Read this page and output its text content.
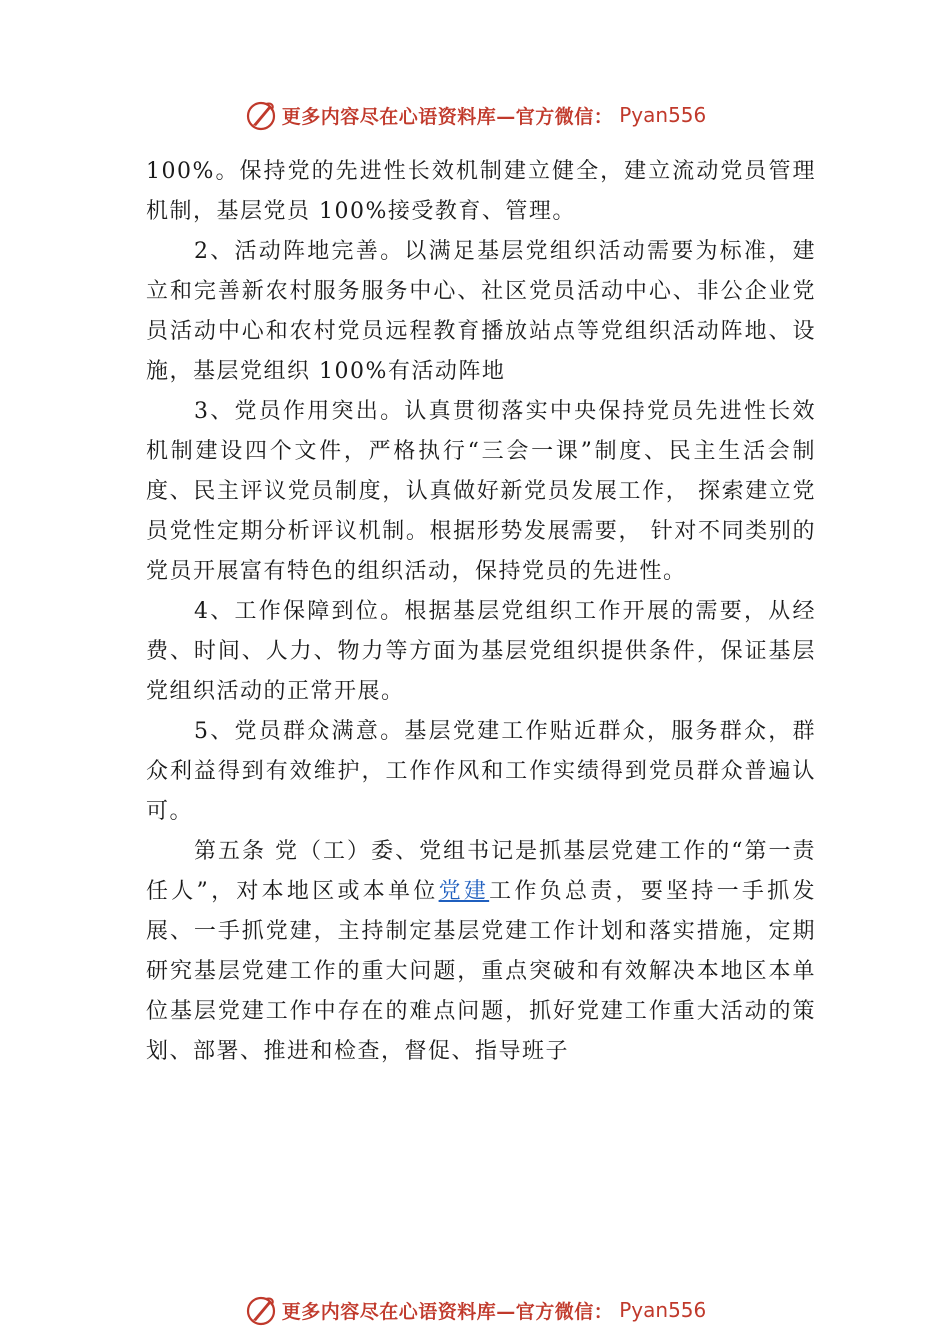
更多内容尽在心语资料库—官方微信： Pyan556

100%。保持党的先进性长效机制建立健全，建立流动党员管理机制，基层党员 100%接受教育、管理。

2、活动阵地完善。以满足基层党组织活动需要为标准，建立和完善新农村服务服务中心、社区党员活动中心、非公企业党员活动中心和农村党员远程教育播放站点等党组织活动阵地、设施，基层党组织 100%有活动阵地

3、党员作用突出。认真贯彻落实中央保持党员先进性长效机制建设四个文件，严格执行“三会一课”制度、民主生活会制度、民主评议党员制度，认真做好新党员发展工作， 探索建立党员党性定期分析评议机制。根据形势发展需要， 针对不同类别的党员开展富有特色的组织活动，保持党员的先进性。

4、工作保障到位。根据基层党组织工作开展的需要，从经费、时间、人力、物力等方面为基层党组织提供条件，保证基层党组织活动的正常开展。

5、党员群众满意。基层党建工作贴近群众，服务群众，群众利益得到有效维护，工作作风和工作实绩得到党员群众普遍认可。

第五条 党（工）委、党组书记是抓基层党建工作的“第一责任人”，对本地区或本单位党建工作负总责，要坚持一手抓发展、一手抓党建，主持制定基层党建工作计划和落实措施，定期研究基层党建工作的重大问题，重点突破和有效解决本地区本单位基层党建工作中存在的难点问题，抓好党建工作重大活动的策划、部署、推进和检查，督促、指导班子

更多内容尽在心语资料库—官方微信： Pyan556
